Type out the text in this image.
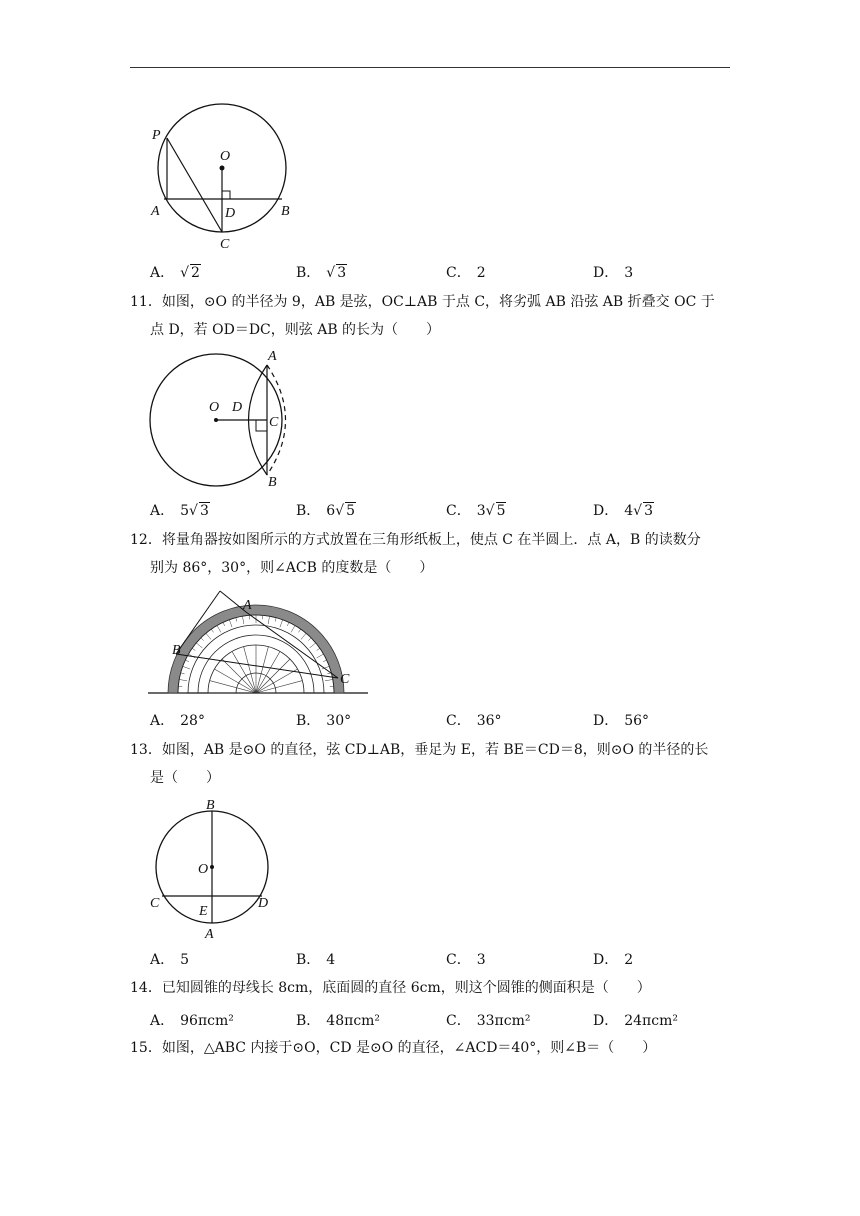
P
O
A	D	B
C
A． √ 2	B． √ 3	C． 2	D． 3
11．如图，⊙O 的半径为 9，AB 是弦，OC⊥AB 于点 C，将劣弧 AB 沿弦 AB 折叠交 OC 于
点 D，若 OD＝DC，则弦 AB 的长为（　　）
A
O D
C
B
A． 5√ 3	B． 6√ 5	C． 3√ 5	D． 4√ 3
12．将量角器按如图所示的方式放置在三角形纸板上，使点 C 在半圆上．点 A，B 的读数分
别为 86°，30°，则∠ACB 的度数是（　　）
A
B
C
A． 28°	B． 30°	C． 36°	D． 56°
13．如图，AB 是⊙O 的直径，弦 CD⊥AB，垂足为 E，若 BE＝CD＝8，则⊙O 的半径的长
是（　　）
B
O
C
E
D
A
A． 5	B． 4	C． 3	D． 2
14．已知圆锥的母线长 8cm，底面圆的直径 6cm，则这个圆锥的侧面积是（　　）
A． 96πcm²	B． 48πcm²	C． 33πcm²	D． 24πcm²
15．如图，△ABC 内接于⊙O，CD 是⊙O 的直径，∠ACD＝40°，则∠B＝（　　）
